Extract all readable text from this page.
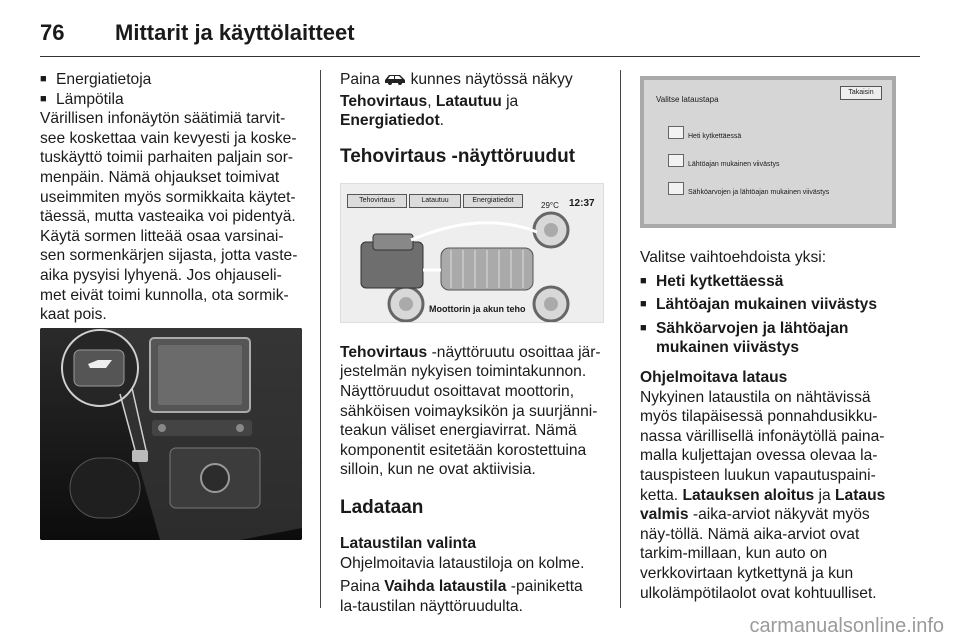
76 Mittarit ja käyttölaitteet

■ Energiatietoja

■ Lämpötila

Värillisen infonäytön säätimiä tarvit-see koskettaa vain kevyesti ja koske-tuskäyttö toimii parhaiten paljain sor-menpäin. Nämä ohjaukset toimivat useimmiten myös sormikkaita käytet-täessä, mutta vasteaika voi pidentyä. Käytä sormen litteää osaa varsinai-sen sormenkärjen sijasta, jotta vaste-aika pysyisi lyhyenä. Jos ohjauseli-met eivät toimi kunnolla, ota sormik-kaat pois.

Paina kunnes näytössä näkyy Tehovirtaus, Latautuu ja Energiatiedot.

Tehovirtaus -näyttöruudut
Tehovirtaus	Latautuu	Energiatiedot
29°C 12:37
Moottorin ja akun teho

Tehovirtaus -näyttöruutu osoittaa jär-jestelmän nykyisen toimintakunnon. Näyttöruudut osoittavat moottorin, sähköisen voimayksikön ja suurjänni-teakun väliset energiavirrat. Nämä komponentit esitetään korostettuina silloin, kun ne ovat aktiivisia.

Ladataan
Lataustilan valinta

Ohjelmoitavia lataustiloja on kolme.

Paina Vaihda lataustila -painiketta la-taustilan näyttöruudulta.

Valitse lataustapa
Takaisin
Heti kytkettäessä
Lähtöajan mukainen viivästys
Sähköarvojen ja lähtöajan mukainen viivästys

Valitse vaihtoehdoista yksi:

■ Heti kytkettäessä

■ Lähtöajan mukainen viivästys

■ Sähköarvojen ja lähtöajan mukainen viivästys

Ohjelmoitava lataus

Nykyinen lataustila on nähtävissä myös tilapäisessä ponnahdusikku-nassa värillisellä infonäytöllä paina-malla kuljettajan ovessa olevaa la-tauspisteen luukun vapautuspaini-ketta. Latauksen aloitus ja Lataus valmis -aika-arviot näkyvät myös näy-töllä. Nämä aika-arviot ovat tarkim-millaan, kun auto on verkkovirtaan kytkettynä ja kun ulkolämpötilaolot ovat kohtuulliset.

carmanualsonline.info
